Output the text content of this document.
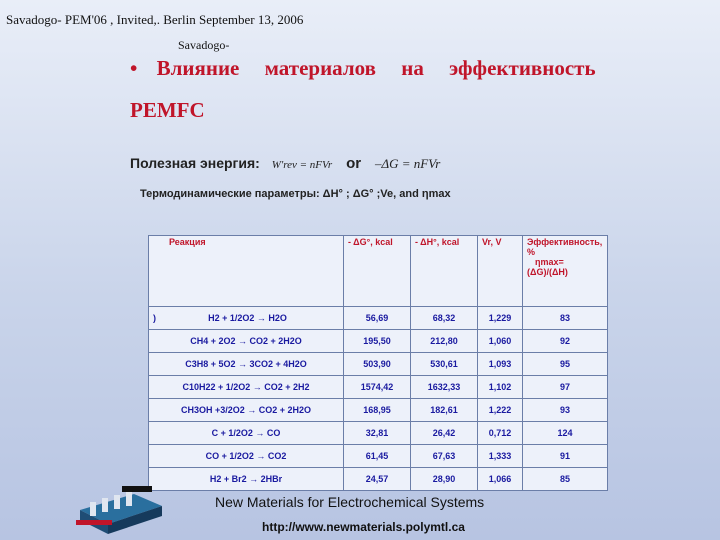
Savadogo- PEM'06 , Invited,. Berlin September 13, 2006
Savadogo-
• Влияние материалов на эффективность
PEMFC
Полезная энергия: W'rev = nFVr or –ΔG = nFVr
Термодинамические параметры: ΔH° ; ΔG° ;Ve, and ηmax
Реакция	- ΔG°, kcal	- ΔH°, kcal	Vr, V	Эффективность,
%
ηmax=
(ΔG)/(ΔH)

) H2 + 1/2O2 → H2O	56,69	68,32	1,229	83
CH4 + 2O2 → CO2 + 2H2O	195,50	212,80	1,060	92
C3H8 + 5O2 → 3CO2 + 4H2O	503,90	530,61	1,093	95
C10H22 + 1/2O2 → CO2 + 2H2	1574,42	1632,33	1,102	97
CH3OH +3/2O2 → CO2 + 2H2O	168,95	182,61	1,222	93
C + 1/2O2 → CO	32,81	26,42	0,712	124
CO + 1/2O2 → CO2	61,45	67,63	1,333	91
H2 + Br2 → 2HBr	24,57	28,90	1,066	85
New Materials for Electrochemical Systems
http://www.newmaterials.polymtl.ca
